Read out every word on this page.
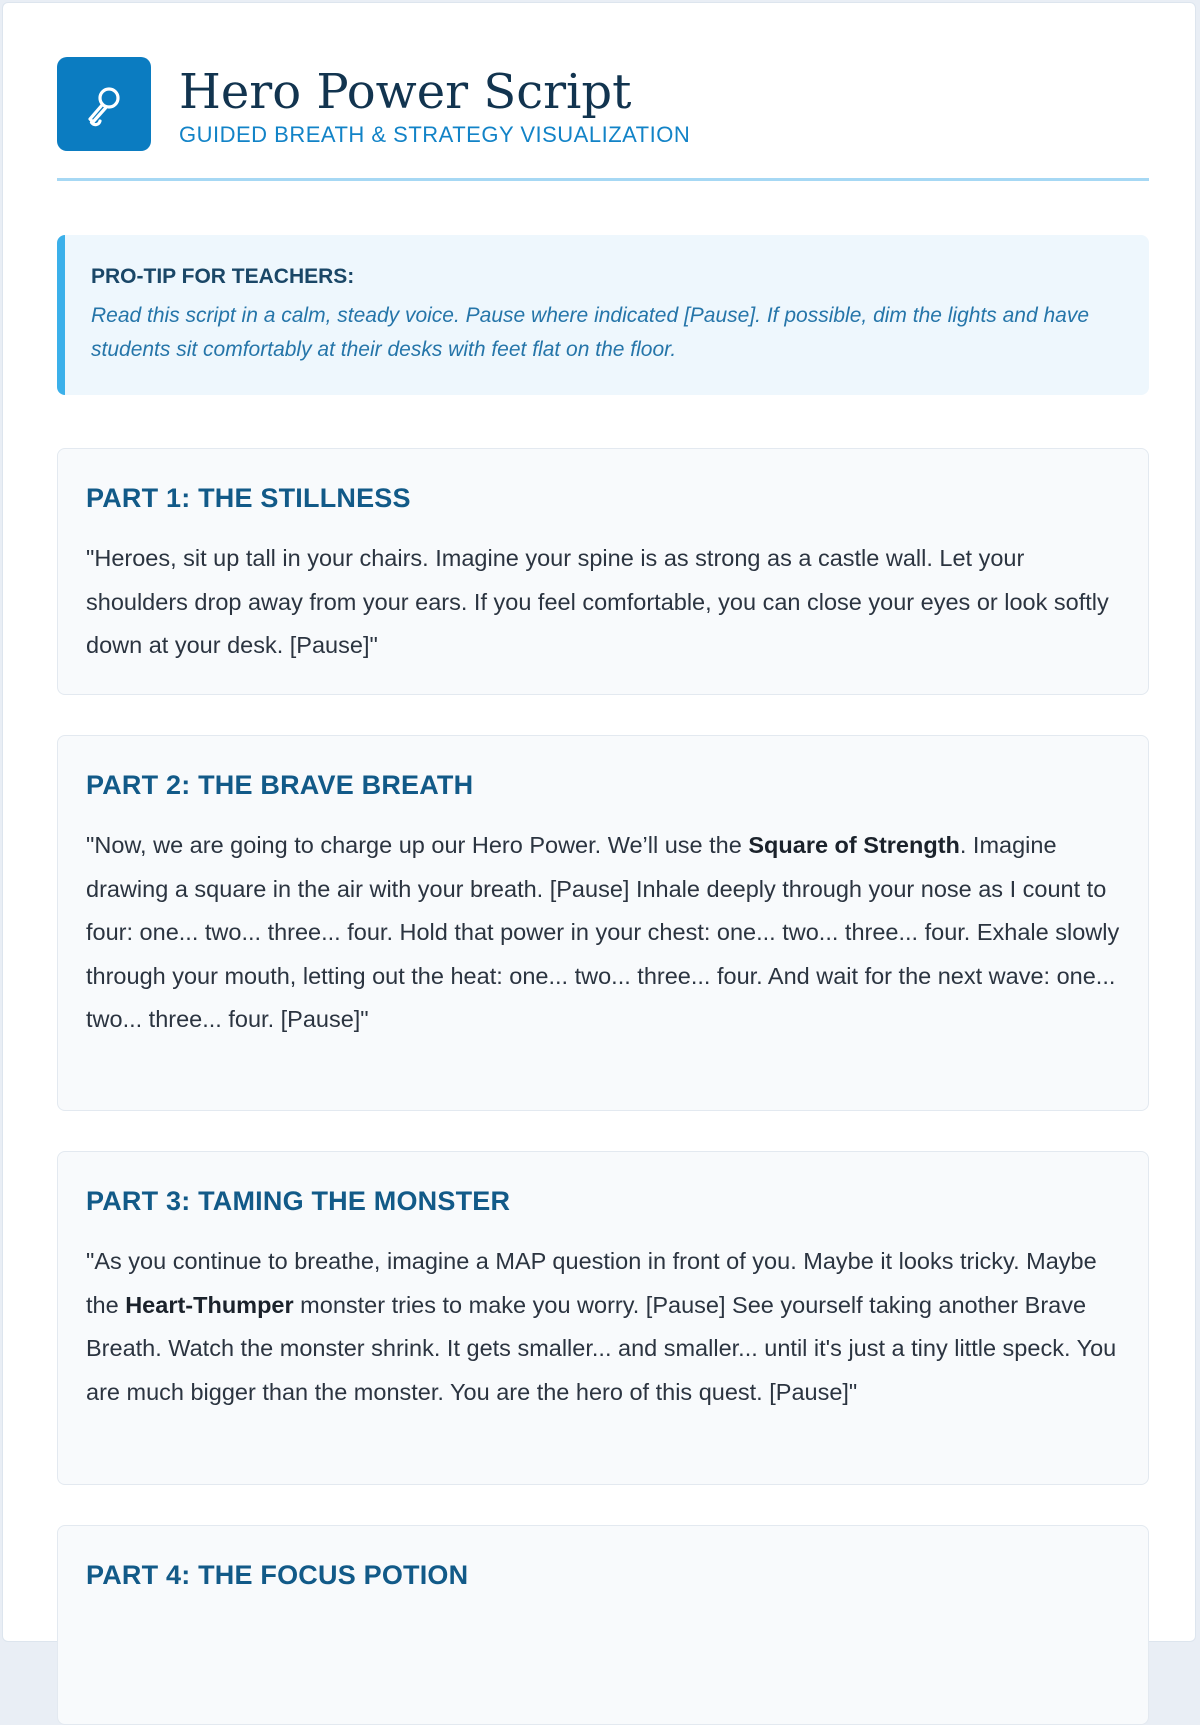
Hero Power Script
GUIDED BREATH & STRATEGY VISUALIZATION
PRO-TIP FOR TEACHERS:
Read this script in a calm, steady voice. Pause where indicated [Pause]. If possible, dim the lights and have students sit comfortably at their desks with feet flat on the floor.
PART 1: THE STILLNESS

"Heroes, sit up tall in your chairs. Imagine your spine is as strong as a castle wall. Let your shoulders drop away from your ears. If you feel comfortable, you can close your eyes or look softly down at your desk. [Pause]"

PART 2: THE BRAVE BREATH

"Now, we are going to charge up our Hero Power. We’ll use the Square of Strength. Imagine drawing a square in the air with your breath. [Pause] Inhale deeply through your nose as I count to four: one... two... three... four. Hold that power in your chest: one... two... three... four. Exhale slowly through your mouth, letting out the heat: one... two... three... four. And wait for the next wave: one... two... three... four. [Pause]"

PART 3: TAMING THE MONSTER

"As you continue to breathe, imagine a MAP question in front of you. Maybe it looks tricky. Maybe the Heart-Thumper monster tries to make you worry. [Pause] See yourself taking another Brave Breath. Watch the monster shrink. It gets smaller... and smaller... until it's just a tiny little speck. You are much bigger than the monster. You are the hero of this quest. [Pause]"

PART 4: THE FOCUS POTION
